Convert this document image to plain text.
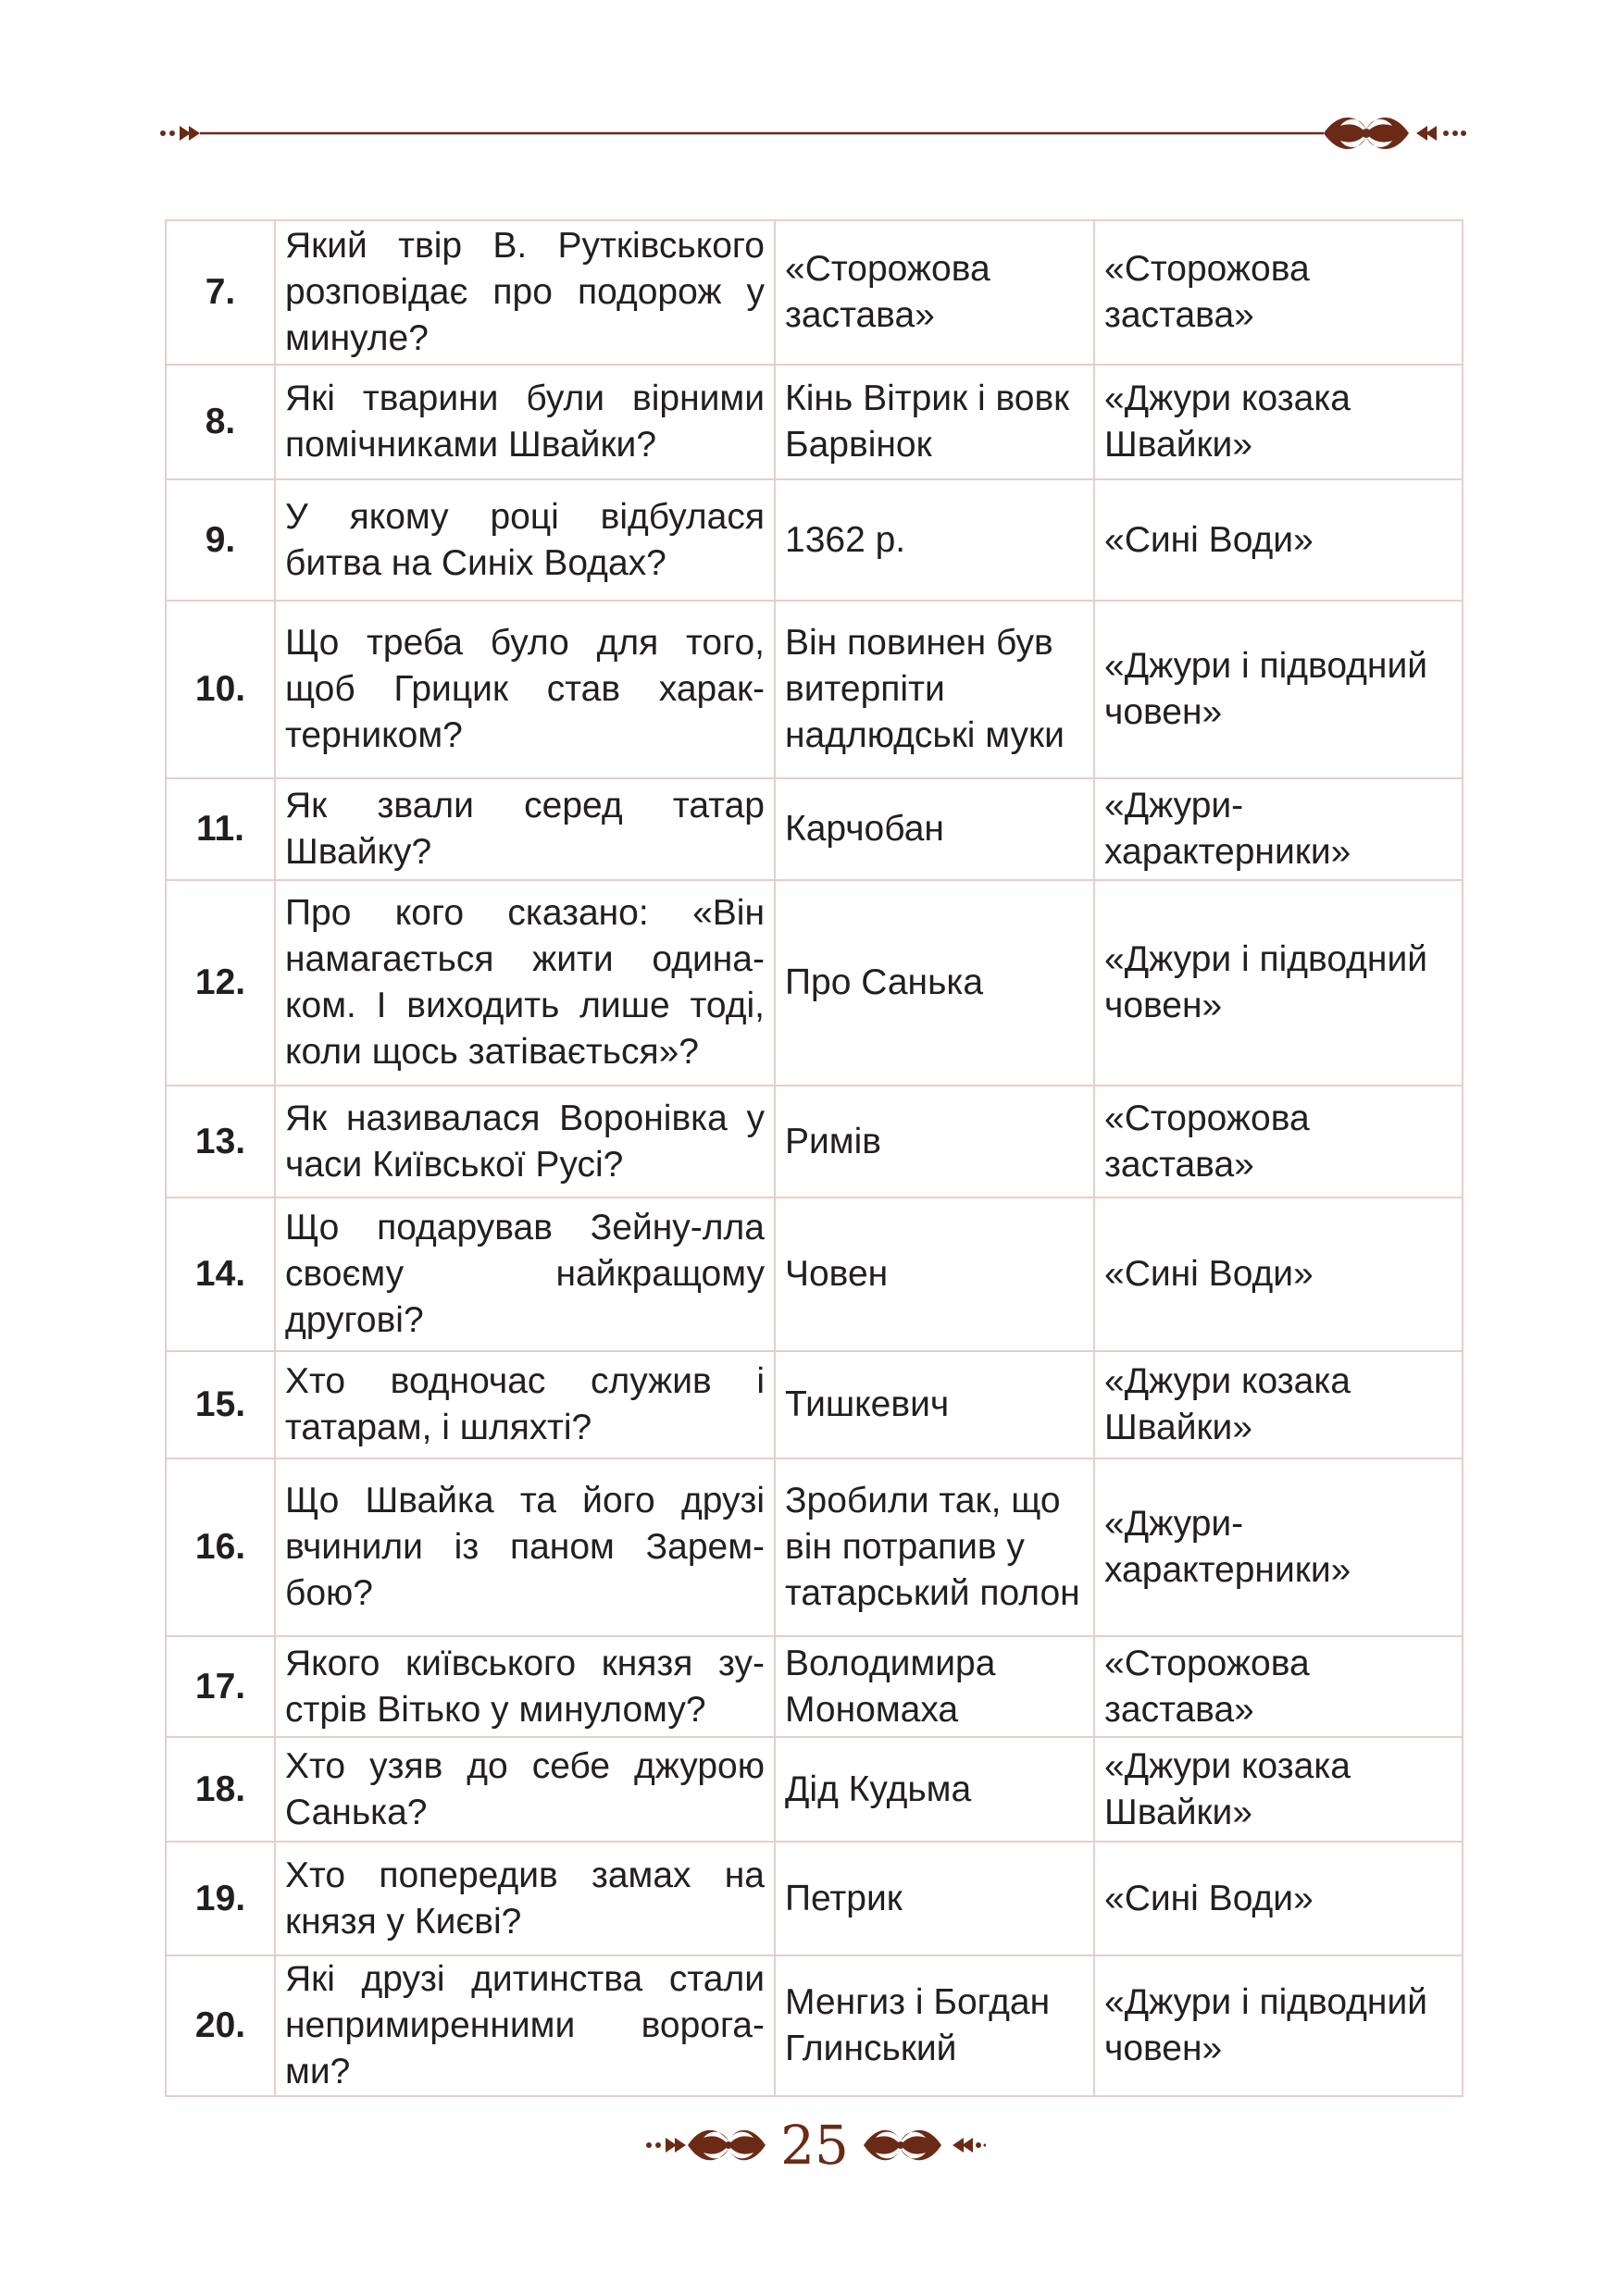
7.	Який твір В. Рутківського розповідає про подорож у минуле?	«Сторожова застава»	«Сторожова застава»
8.	Які тварини були вірними помічниками Швайки?	Кінь Вітрик і вовк Барвінок	«Джури козака Швайки»
9.	У якому році відбулася битва на Синіх Водах?	1362 р.	«Сині Води»
10.	Що треба було для того, щоб Грицик став харак-терником?	Він повинен був витерпіти надлюдські муки	«Джури і підводний човен»
11.	Як звали серед татар Швайку?	Карчобан	«Джури-характерники»
12.	Про кого сказано: «Він намагається жити одина-ком. І виходить лише тоді, коли щось затівається»?	Про Санька	«Джури і підводний човен»
13.	Як називалася Воронівка у часи Київської Русі?	Римів	«Сторожова застава»
14.	Що подарував Зейну-лла своєму найкращому другові?	Човен	«Сині Води»
15.	Хто водночас служив і татарам, і шляхті?	Тишкевич	«Джури козака Швайки»
16.	Що Швайка та його друзі вчинили із паном Зарем-бою?	Зробили так, що він потрапив у татарський полон	«Джури-характерники»
17.	Якого київського князя зу-стрів Вітько у минулому?	Володимира Мономаха	«Сторожова застава»
18.	Хто узяв до себе джурою Санька?	Дід Кудьма	«Джури козака Швайки»
19.	Хто попередив замах на князя у Києві?	Петрик	«Сині Води»
20.	Які друзі дитинства стали непримиренними ворога-ми?	Менгиз і Богдан Глинський	«Джури і підводний човен»
25
